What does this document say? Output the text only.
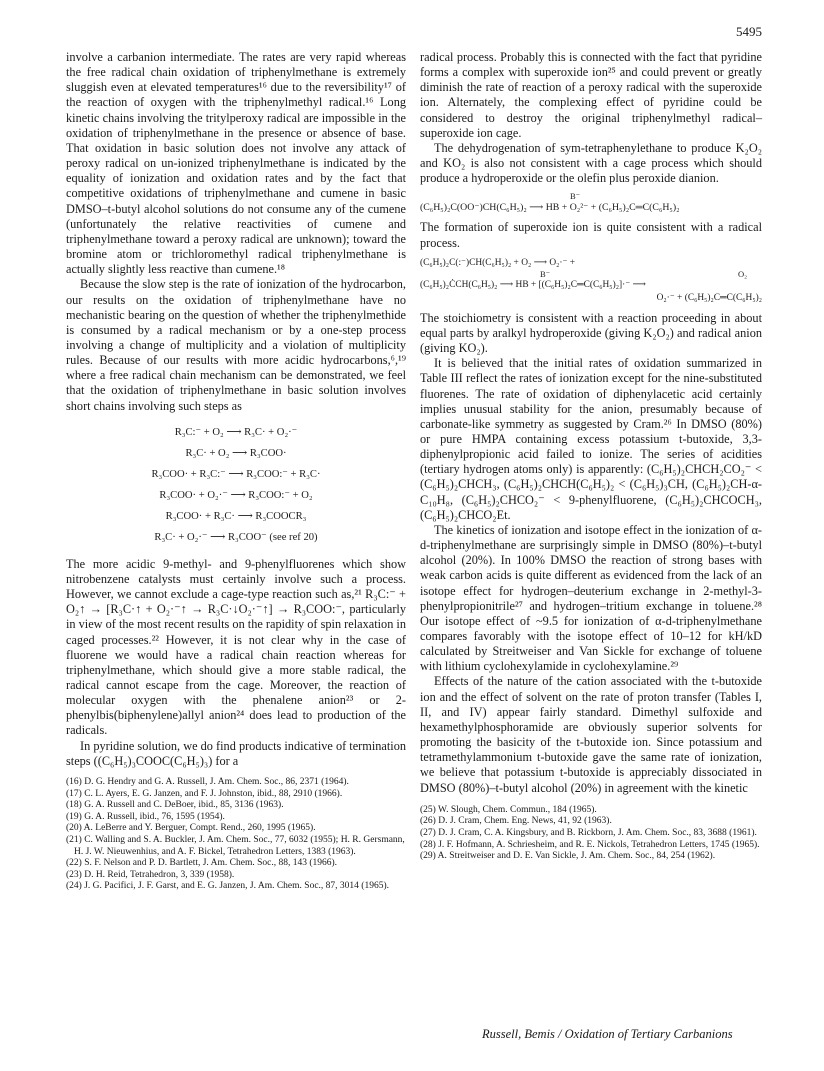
5495

involve a carbanion intermediate. The rates are very rapid whereas the free radical chain oxidation of triphenylmethane is extremely sluggish even at elevated temperatures¹⁶ due to the reversibility¹⁷ of the reaction of oxygen with the triphenylmethyl radical.¹⁶ Long kinetic chains involving the tritylperoxy radical are impossible in the oxidation of triphenylmethane in the presence or absence of base. That oxidation in basic solution does not involve any attack of peroxy radical on un-ionized triphenylmethane is indicated by the equality of ionization and oxidation rates and by the fact that competitive oxidations of triphenylmethane and cumene in basic DMSO–t-butyl alcohol solutions do not consume any of the cumene (unfortunately the relative reactivities of cumene and triphenylmethane toward a peroxy radical are unknown); toward the bromine atom or trichloromethyl radical triphenylmethane is actually slightly less reactive than cumene.¹⁸

Because the slow step is the rate of ionization of the hydrocarbon, our results on the oxidation of triphenylmethane have no mechanistic bearing on the question of whether the triphenylmethide is consumed by a radical mechanism or by a one-step process involving a change of multiplicity and a violation of multiplicity rules. Because of our results with more acidic hydrocarbons,⁶,¹⁹ where a free radical chain mechanism can be demonstrated, we feel that the oxidation of triphenylmethane in basic solution involves short chains involving such steps as

R₃C:⁻ + O₂ ⟶ R₃C· + O₂·⁻
R₃C· + O₂ ⟶ R₃COO·
R₃COO· + R₃C:⁻ ⟶ R₃COO:⁻ + R₃C·
R₃COO· + O₂·⁻ ⟶ R₃COO:⁻ + O₂
R₃COO· + R₃C· ⟶ R₃COOCR₃
R₃C· + O₂·⁻ ⟶ R₃COO⁻ (see ref 20)

The more acidic 9-methyl- and 9-phenylfluorenes which show nitrobenzene catalysts must certainly involve such a process. However, we cannot exclude a cage-type reaction such as,²¹ R₃C:⁻ + O₂↑ → [R₃C·↑ + O₂·⁻↑ → R₃C·↓O₂·⁻↑] → R₃COO:⁻, particularly in view of the most recent results on the rapidity of spin relaxation in caged processes.²² However, it is not clear why in the case of fluorene we would have a radical chain reaction whereas for triphenylmethane, which should give a more stable radical, the radical cannot escape from the cage. Moreover, the reaction of molecular oxygen with the phenalene anion²³ or 2-phenylbis(biphenylene)allyl anion²⁴ does lead to production of the radicals.

In pyridine solution, we do find products indicative of termination steps ((C₆H₅)₃COOC(C₆H₅)₃) for a

(16) D. G. Hendry and G. A. Russell, J. Am. Chem. Soc., 86, 2371 (1964).
(17) C. L. Ayers, E. G. Janzen, and F. J. Johnston, ibid., 88, 2910 (1966).
(18) G. A. Russell and C. DeBoer, ibid., 85, 3136 (1963).
(19) G. A. Russell, ibid., 76, 1595 (1954).
(20) A. LeBerre and Y. Berguer, Compt. Rend., 260, 1995 (1965).
(21) C. Walling and S. A. Buckler, J. Am. Chem. Soc., 77, 6032 (1955); H. R. Gersmann, H. J. W. Nieuwenhius, and A. F. Bickel, Tetrahedron Letters, 1383 (1963).
(22) S. F. Nelson and P. D. Bartlett, J. Am. Chem. Soc., 88, 143 (1966).
(23) D. H. Reid, Tetrahedron, 3, 339 (1958).
(24) J. G. Pacifici, J. F. Garst, and E. G. Janzen, J. Am. Chem. Soc., 87, 3014 (1965).

radical process. Probably this is connected with the fact that pyridine forms a complex with superoxide ion²⁵ and could prevent or greatly diminish the rate of reaction of a peroxy radical with the superoxide ion. Alternately, the complexing effect of pyridine could be considered to destroy the original triphenylmethyl radical–superoxide ion cage.

The dehydrogenation of sym-tetraphenylethane to produce K₂O₂ and KO₂ is also not consistent with a cage process which should produce a hydroperoxide or the olefin plus peroxide dianion.

B⁻
(C₆H₅)₂C(OO⁻)CH(C₆H₅)₂ ⟶ HB + O₂²⁻ + (C₆H₅)₂C═C(C₆H₅)₂

The formation of superoxide ion is quite consistent with a radical process.

(C₆H₅)₂C(:⁻)CH(C₆H₅)₂ + O₂ ⟶ O₂·⁻ +
B⁻	O₂
(C₆H₅)₂ĊCH(C₆H₅)₂ ⟶ HB + [(C₆H₅)₂C═C(C₆H₅)₂]·⁻ ⟶
O₂·⁻ + (C₆H₅)₂C═C(C₆H₅)₂

The stoichiometry is consistent with a reaction proceeding in about equal parts by aralkyl hydroperoxide (giving K₂O₂) and radical anion (giving KO₂).

It is believed that the initial rates of oxidation summarized in Table III reflect the rates of ionization except for the nine-substituted fluorenes. The rate of oxidation of diphenylacetic acid certainly implies unusual stability for the anion, presumably because of carbonate-like symmetry as suggested by Cram.²⁶ In DMSO (80%) or pure HMPA containing excess potassium t-butoxide, 3,3-diphenylpropionic acid failed to ionize. The series of acidities (tertiary hydrogen atoms only) is apparently: (C₆H₅)₂CHCH₂CO₂⁻ < (C₆H₅)₂CHCH₃, (C₆H₅)₂CHCH(C₆H₅)₂ < (C₆H₅)₃CH, (C₆H₅)₂CH-α-C₁₀H₈, (C₆H₅)₂CHCO₂⁻ < 9-phenylfluorene, (C₆H₅)₂CHCOCH₃, (C₆H₅)₂CHCO₂Et.

The kinetics of ionization and isotope effect in the ionization of α-d-triphenylmethane are surprisingly simple in DMSO (80%)–t-butyl alcohol (20%). In 100% DMSO the reaction of strong bases with weak carbon acids is quite different as evidenced from the lack of an isotope effect for hydrogen–deuterium exchange in 2-methyl-3-phenylpropionitrile²⁷ and hydrogen–tritium exchange in toluene.²⁸ Our isotope effect of ~9.5 for ionization of α-d-triphenylmethane compares favorably with the isotope effect of 10–12 for kH/kD calculated by Streitweiser and Van Sickle for exchange of toluene with lithium cyclohexylamide in cyclohexylamine.²⁹

Effects of the nature of the cation associated with the t-butoxide ion and the effect of solvent on the rate of proton transfer (Tables I, II, and IV) appear fairly standard. Dimethyl sulfoxide and hexamethylphosphoramide are obviously superior solvents for promoting the basicity of the t-butoxide ion. Since potassium and tetramethylammonium t-butoxide gave the same rate of ionization, we believe that potassium t-butoxide is appreciably dissociated in DMSO (80%)–t-butyl alcohol (20%) in agreement with the kinetic

(25) W. Slough, Chem. Commun., 184 (1965).
(26) D. J. Cram, Chem. Eng. News, 41, 92 (1963).
(27) D. J. Cram, C. A. Kingsbury, and B. Rickborn, J. Am. Chem. Soc., 83, 3688 (1961).
(28) J. F. Hofmann, A. Schriesheim, and R. E. Nickols, Tetrahedron Letters, 1745 (1965).
(29) A. Streitweiser and D. E. Van Sickle, J. Am. Chem. Soc., 84, 254 (1962).
Russell, Bemis / Oxidation of Tertiary Carbanions
